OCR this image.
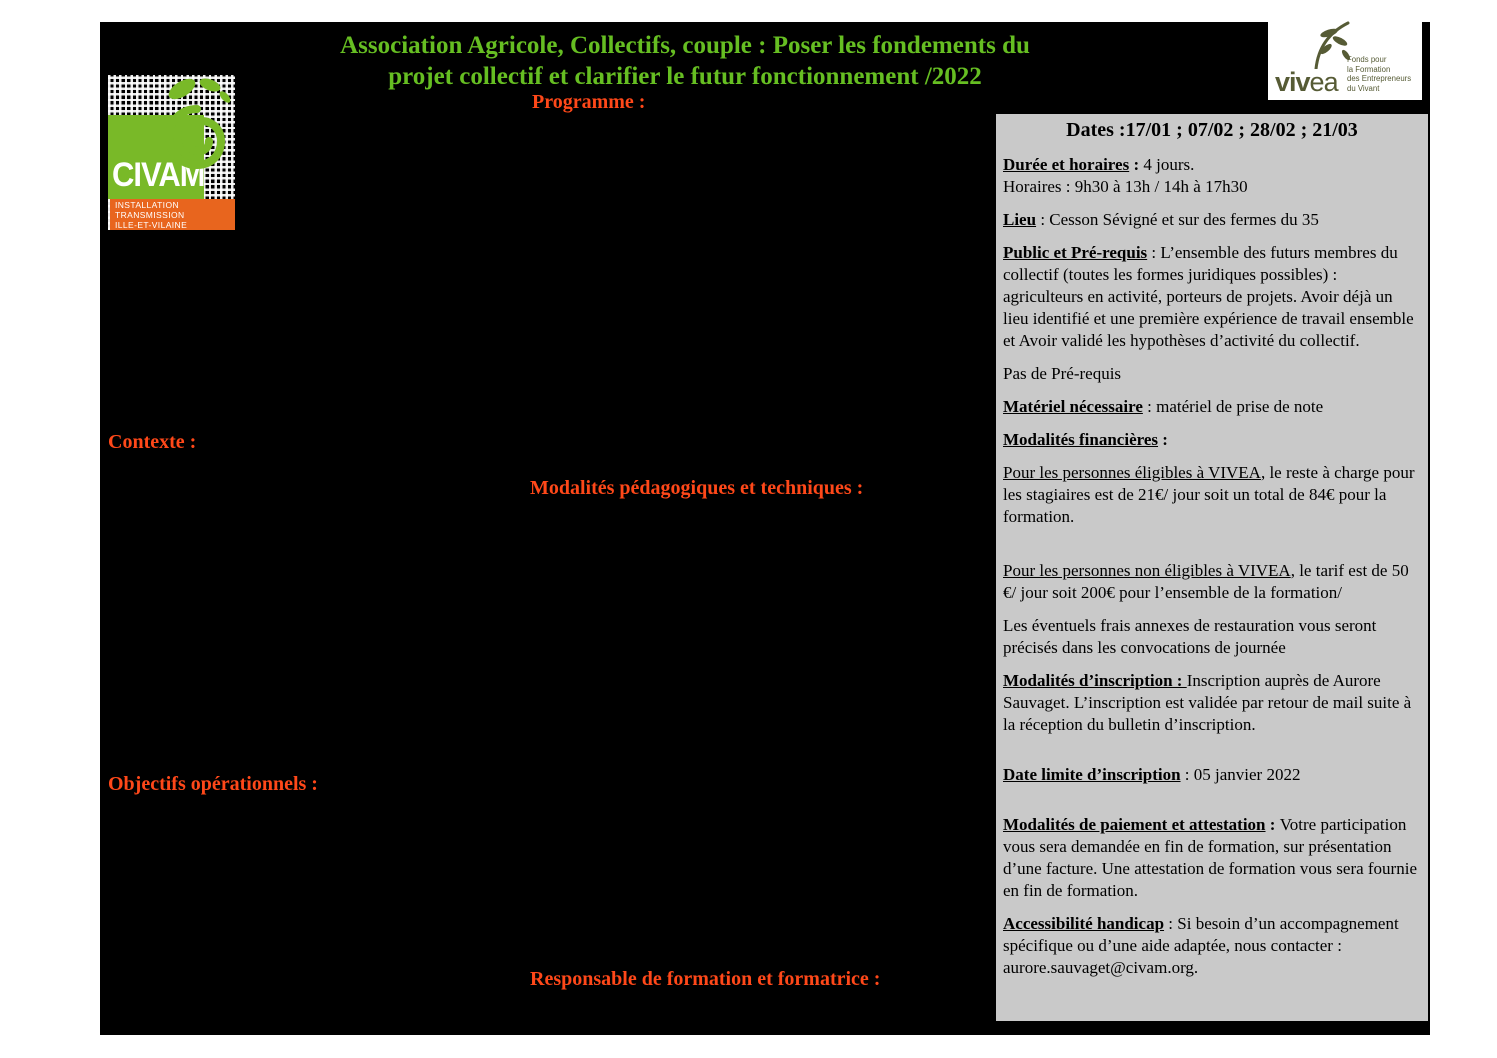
Association Agricole, Collectifs, couple : Poser les fondements du
projet collectif et clarifier le futur fonctionnement /2022
Programme :
Contexte :
Modalités pédagogiques et techniques :
Objectifs opérationnels :
Responsable de formation et formatrice :
CIVAM
INSTALLATION
TRANSMISSION
ILLE-ET-VILAINE
vivea
Fonds pour
la Formation
des Entrepreneurs
du Vivant
Dates :17/01 ; 07/02 ; 28/02 ; 21/03
Durée et horaires : 4 jours.
Horaires : 9h30 à 13h / 14h à 17h30
Lieu : Cesson Sévigné et sur des fermes du 35
Public et Pré-requis : L’ensemble des futurs membres du collectif (toutes les formes juridiques possibles) : agriculteurs en activité, porteurs de projets. Avoir déjà un lieu identifié et une première expérience de travail ensemble et Avoir validé les hypothèses d’activité du collectif.
Pas de Pré-requis
Matériel nécessaire : matériel de prise de note
Modalités financières :
Pour les personnes éligibles à VIVEA, le reste à charge pour les stagiaires est de 21€/ jour soit un total de 84€ pour la formation.
Pour les personnes non éligibles à VIVEA, le tarif est de 50 €/ jour soit 200€ pour l’ensemble de la formation/
Les éventuels frais annexes de restauration vous seront précisés dans les convocations de journée
Modalités d’inscription : Inscription auprès de Aurore Sauvaget. L’inscription est validée par retour de mail suite à la réception du bulletin d’inscription.
Date limite d’inscription : 05 janvier 2022
Modalités de paiement et attestation : Votre participation vous sera demandée en fin de formation, sur présentation d’une facture. Une attestation de formation vous sera fournie en fin de formation.
Accessibilité handicap : Si besoin d’un accompagnement spécifique ou d’une aide adaptée, nous contacter : aurore.sauvaget@civam.org.
